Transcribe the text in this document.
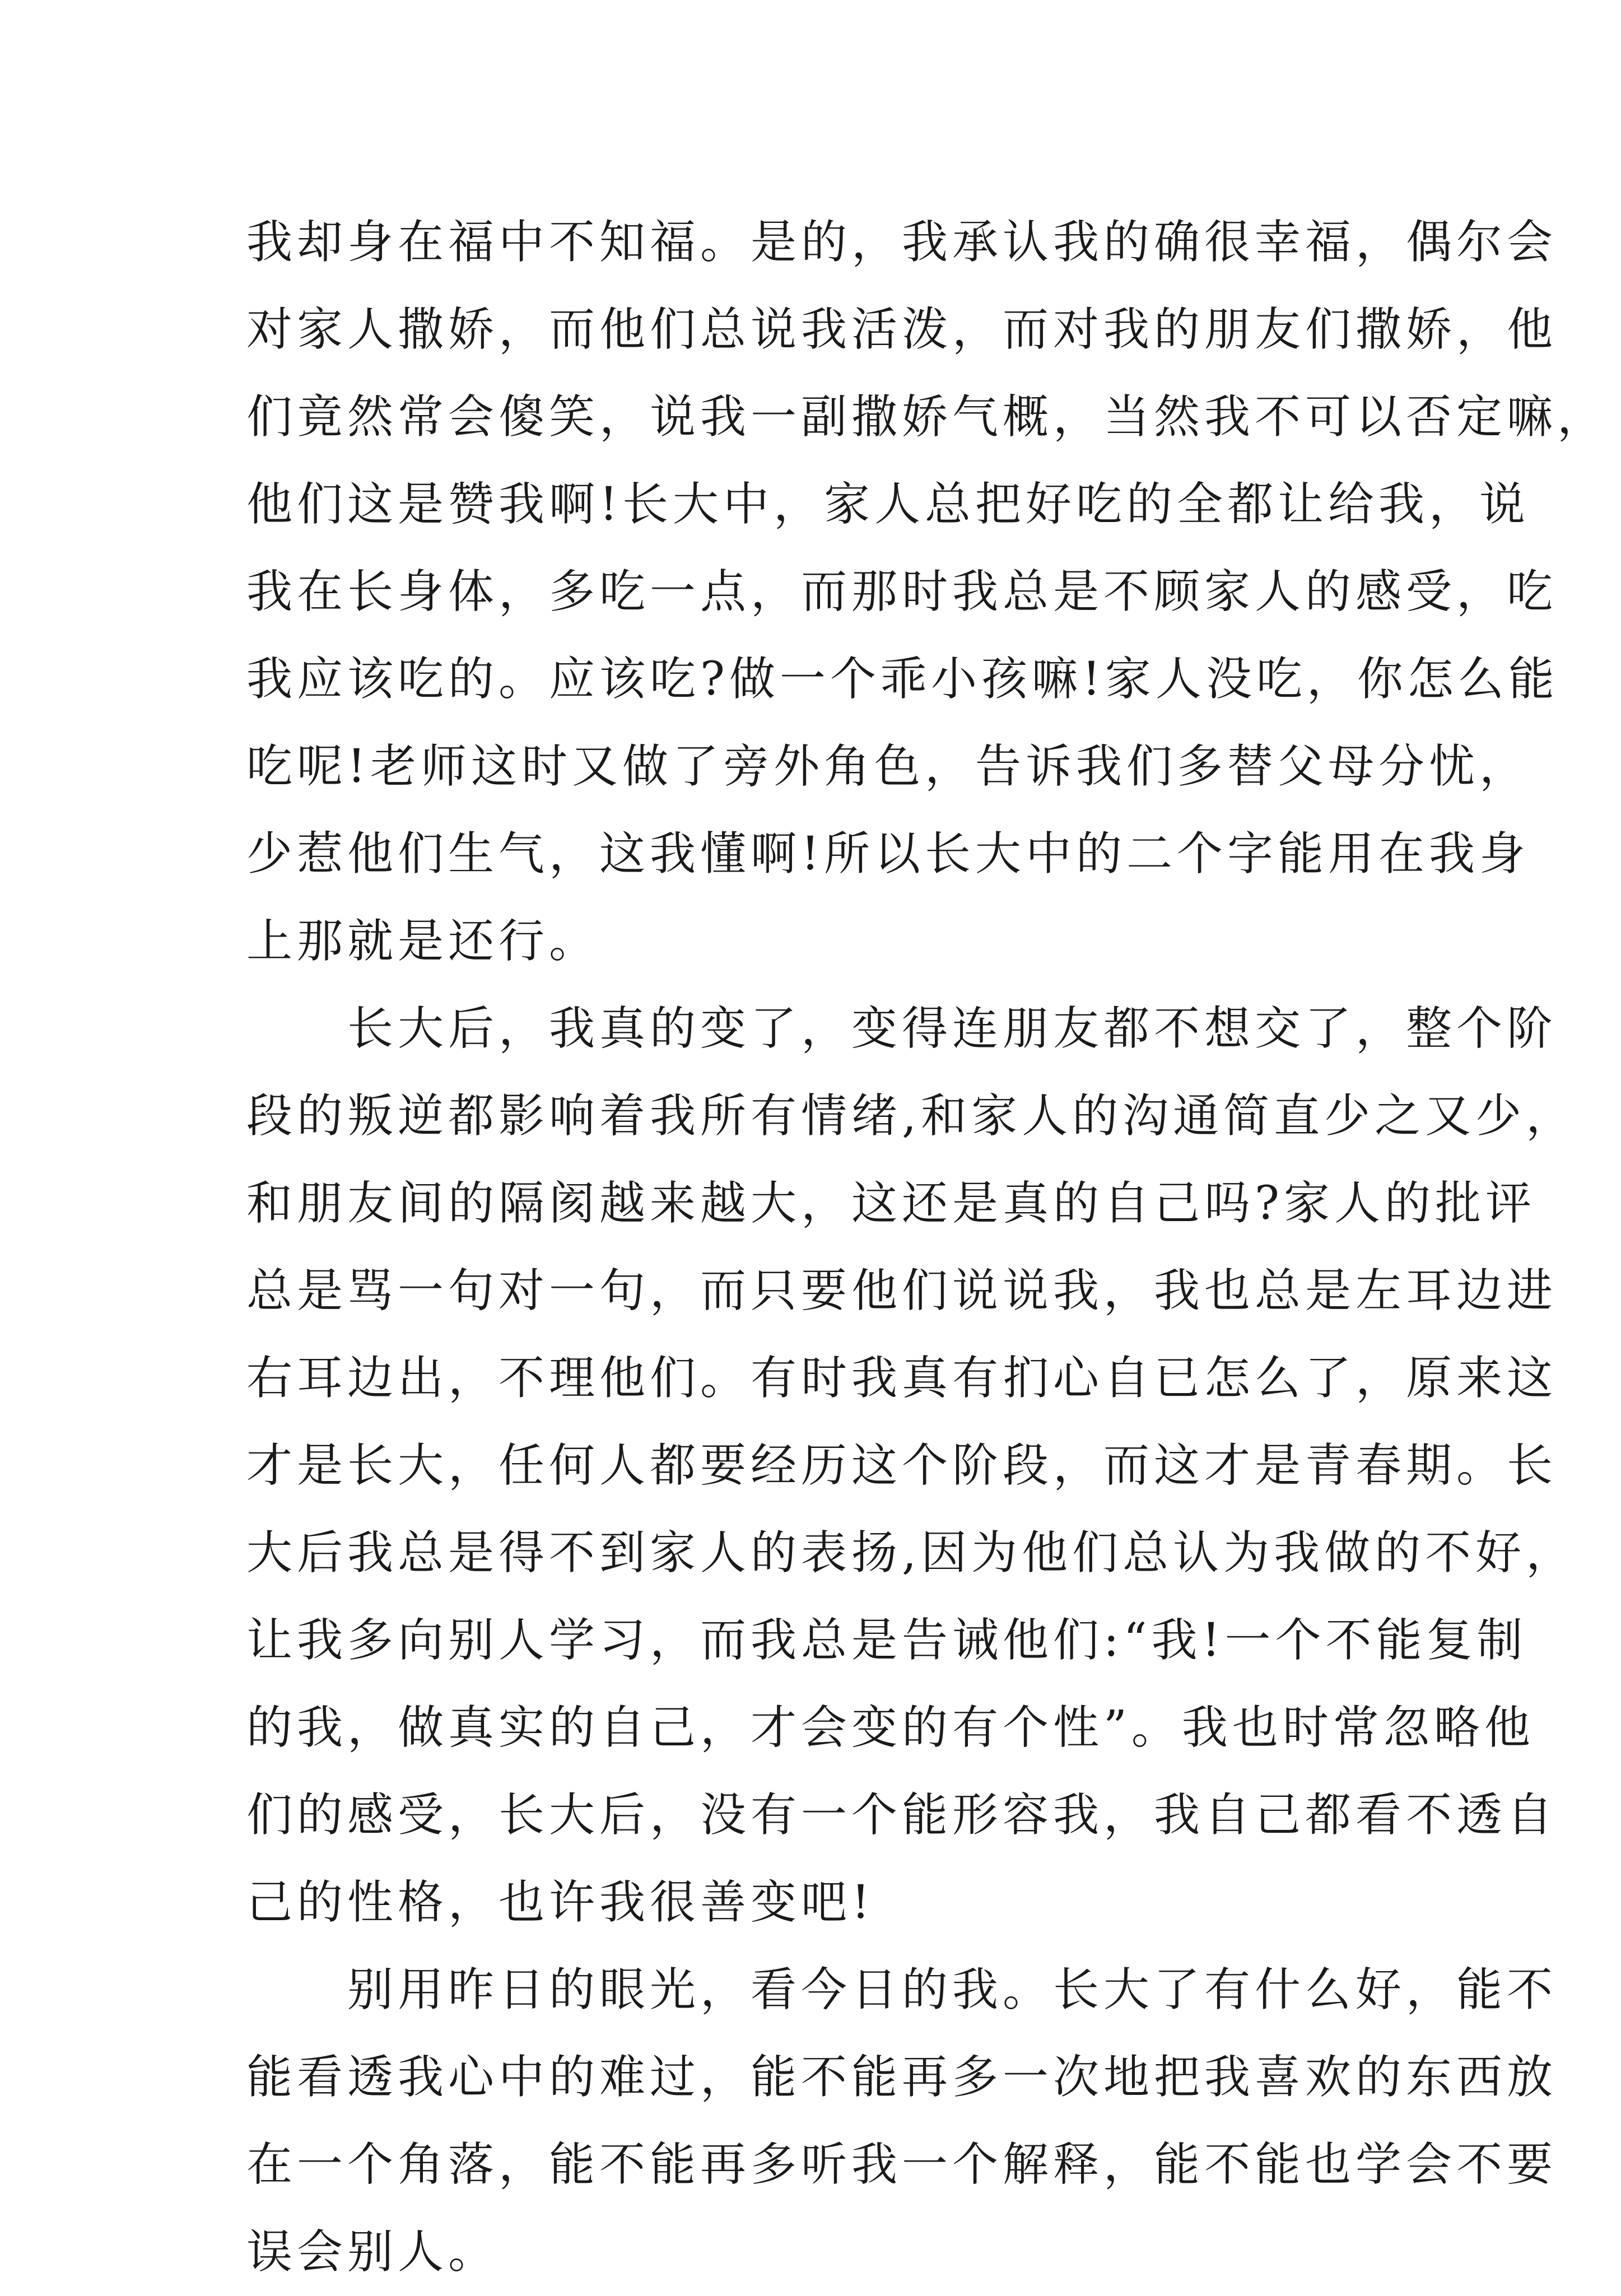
我却身在福中不知福。是的，我承认我的确很幸福，偶尔会
对家人撒娇，而他们总说我活泼，而对我的朋友们撒娇，他
们竟然常会傻笑，说我一副撒娇气概，当然我不可以否定嘛，
他们这是赞我啊!长大中，家人总把好吃的全都让给我，说
我在长身体，多吃一点，而那时我总是不顾家人的感受，吃
我应该吃的。应该吃?做一个乖小孩嘛!家人没吃，你怎么能
吃呢!老师这时又做了旁外角色，告诉我们多替父母分忧，
少惹他们生气，这我懂啊!所以长大中的二个字能用在我身
上那就是还行。
　　长大后，我真的变了，变得连朋友都不想交了，整个阶
段的叛逆都影响着我所有情绪,和家人的沟通简直少之又少，
和朋友间的隔阂越来越大，这还是真的自己吗?家人的批评
总是骂一句对一句，而只要他们说说我，我也总是左耳边进
右耳边出，不理他们。有时我真有扪心自已怎么了，原来这
才是长大，任何人都要经历这个阶段，而这才是青春期。长
大后我总是得不到家人的表扬,因为他们总认为我做的不好，
让我多向别人学习，而我总是告诫他们:“我!一个不能复制
的我，做真实的自己，才会变的有个性”。我也时常忽略他
们的感受，长大后，没有一个能形容我，我自己都看不透自
己的性格，也许我很善变吧!
　　别用昨日的眼光，看今日的我。长大了有什么好，能不
能看透我心中的难过，能不能再多一次地把我喜欢的东西放
在一个角落，能不能再多听我一个解释，能不能也学会不要
误会别人。
